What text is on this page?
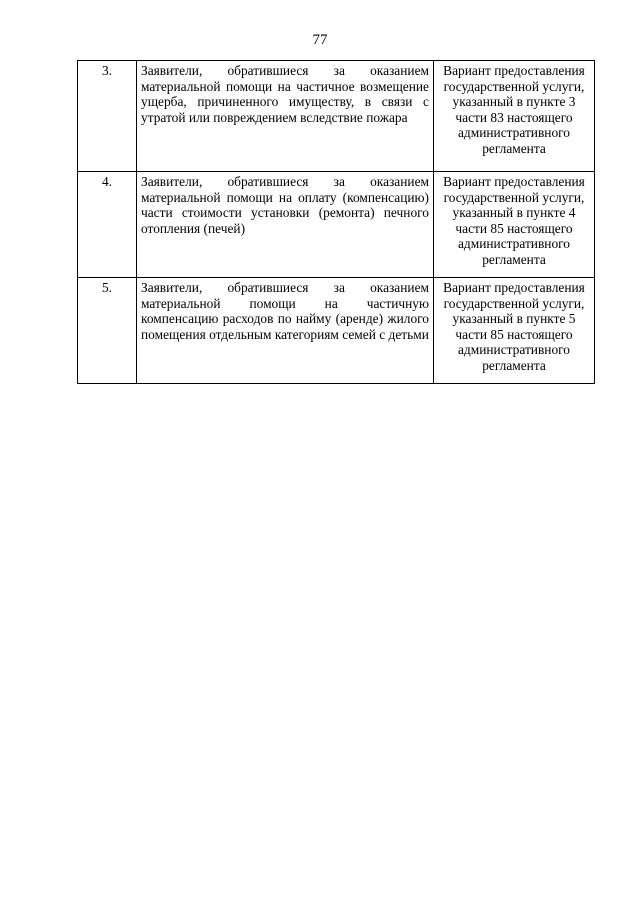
77
3.	Заявители, обратившиеся за оказанием материальной помощи на частичное возмещение ущерба, причиненного имуществу, в связи с утратой или повреждением вследствие пожара	Вариант предоставления государственной услуги, указанный в пункте 3 части 83 настоящего административного регламента
4.	Заявители, обратившиеся за оказанием материальной помощи на оплату (компенсацию) части стоимости установки (ремонта) печного отопления (печей)	Вариант предоставления государственной услуги, указанный в пункте 4 части 85 настоящего административного регламента
5.	Заявители, обратившиеся за оказанием материальной помощи на частичную компенсацию расходов по найму (аренде) жилого помещения отдельным категориям семей с детьми	Вариант предоставления государственной услуги, указанный в пункте 5 части 85 настоящего административного регламента
